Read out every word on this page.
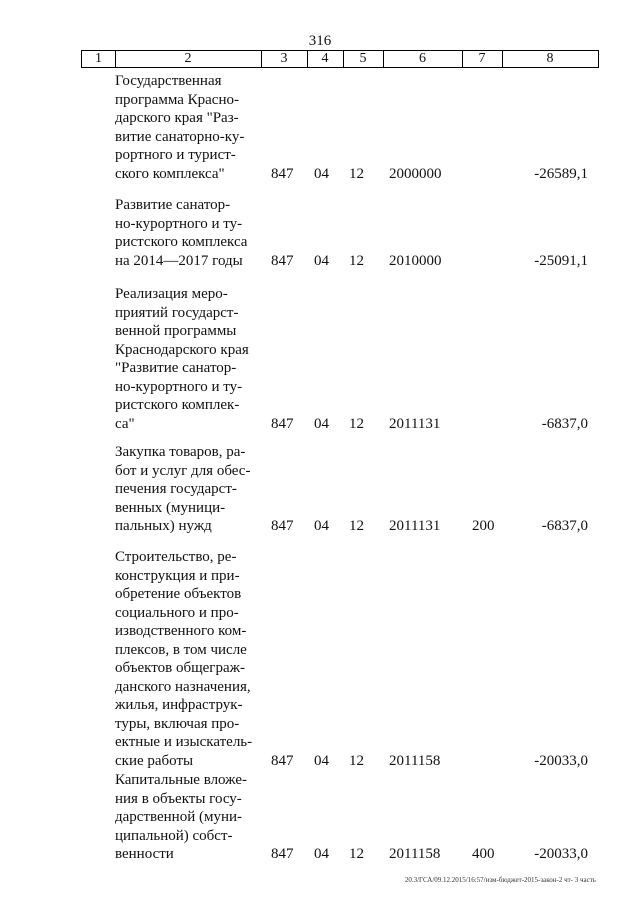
316
1	2	3	4	5	6	7	8
Государственная
программа Красно-
дарского края "Раз-
витие санаторно-ку-
рортного и турист-
ского комплекса"	847 04 12 2000000	-26589,1
Развитие санатор-
но-курортного и ту-
ристского комплекса
на 2014—2017 годы	847 04 12 2010000	-25091,1
Реализация меро-
приятий государст-
венной программы
Краснодарского края
"Развитие санатор-
но-курортного и ту-
ристского комплек-
са"	847 04 12 2011131	-6837,0
Закупка товаров, ра-
бот и услуг для обес-
печения государст-
венных (муници-
пальных) нужд	847 04 12 2011131 200	-6837,0
Строительство, ре-
конструкция и при-
обретение объектов
социального и про-
изводственного ком-
плексов, в том числе
объектов общеграж-
данского назначения,
жилья, инфраструк-
туры, включая про-
ектные и изыскатель-
ские работы	847 04 12 2011158	-20033,0
Капитальные вложе-
ния в объекты госу-
дарственной (муни-
ципальной) собст-
венности	847 04 12 2011158 400	-20033,0
20.3/ГСА/09.12.2015/16:57/изм-бюджет-2015-закон-2 чт- 3 часть
